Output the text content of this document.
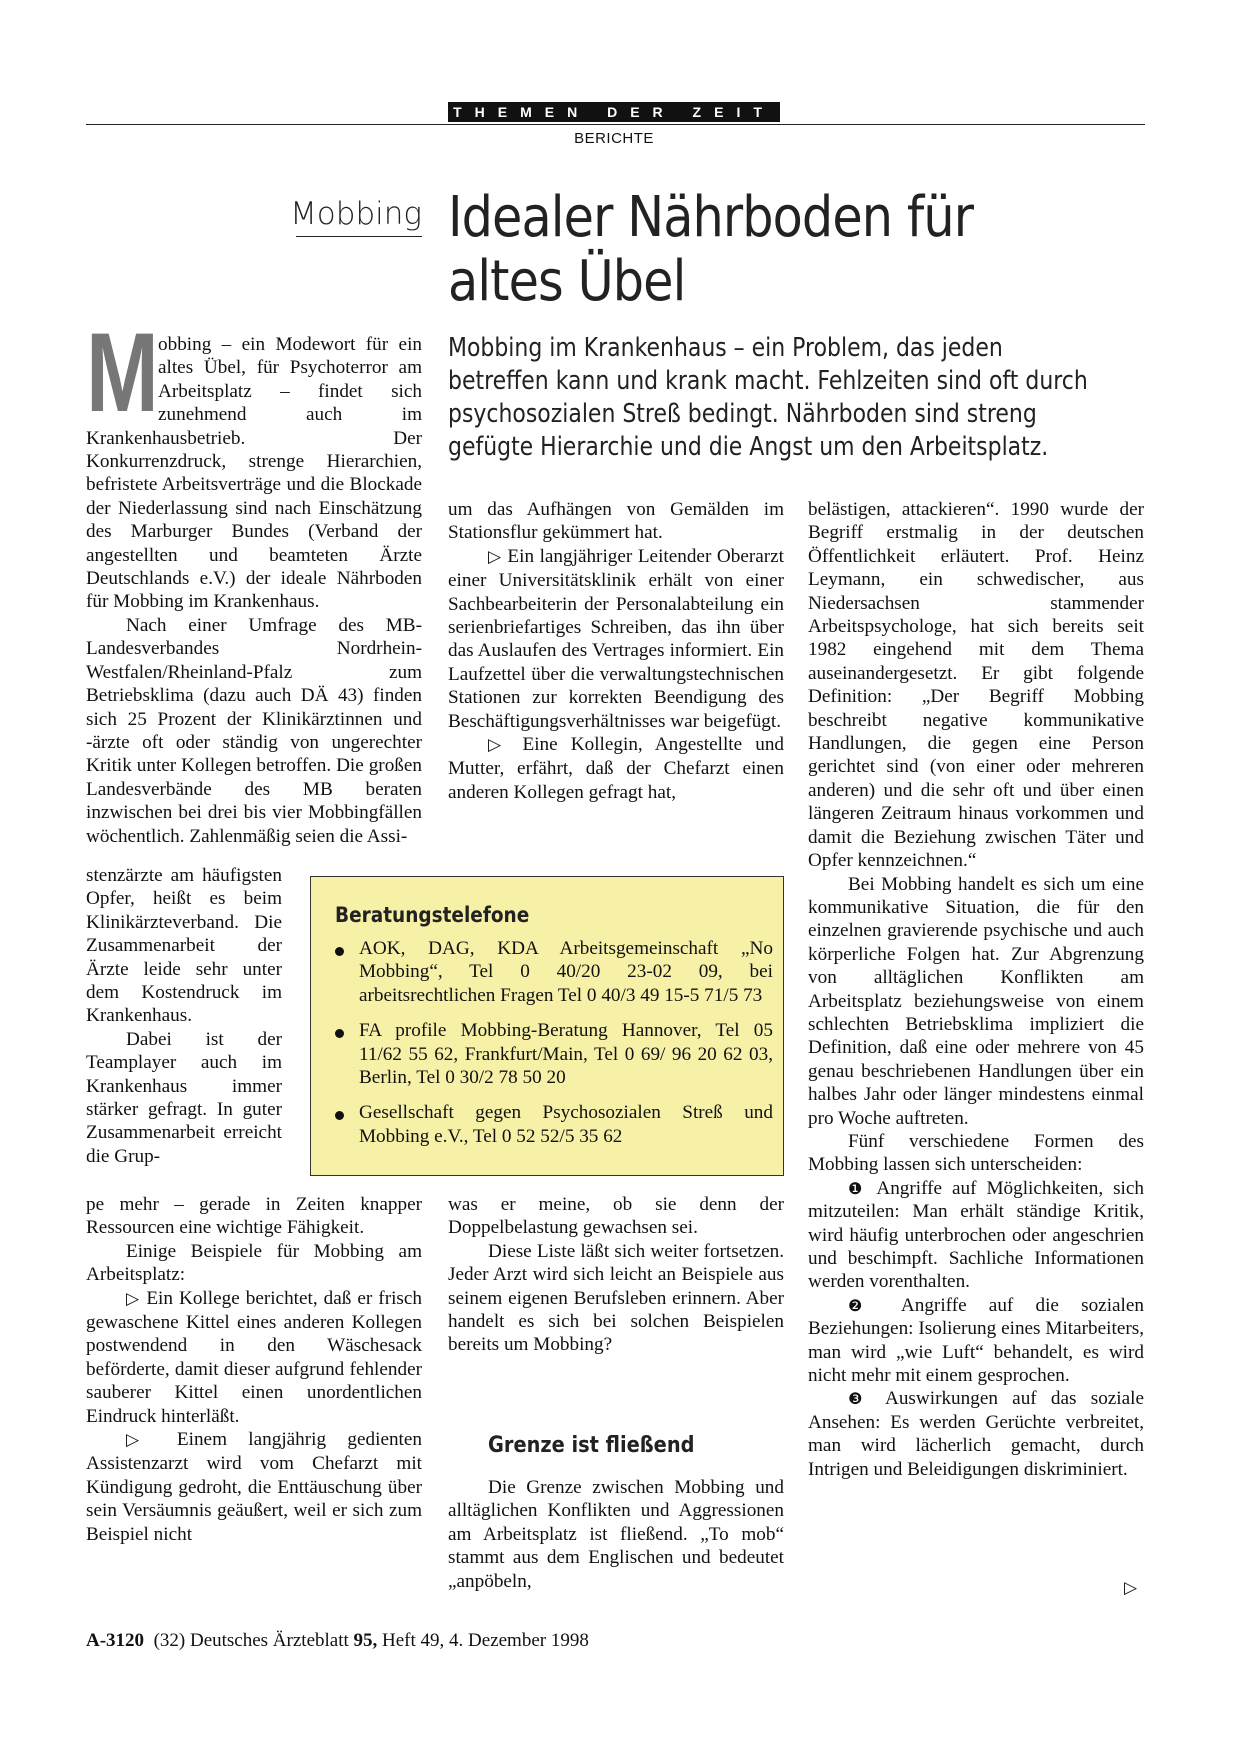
THEMEN DER ZEIT
BERICHTE
Mobbing Idealer Nährboden für
altes Übel
Mobbing im Krankenhaus – ein Problem, das jeden betreffen kann und krank macht. Fehlzeiten sind oft durch psychosozialen Streß bedingt. Nährboden sind streng gefügte Hierarchie und die Angst um den Arbeitsplatz.

Mobbing – ein Modewort für ein altes Übel, für Psychoterror am Arbeitsplatz – findet sich zunehmend auch im Krankenhausbetrieb. Der Konkurrenzdruck, strenge Hierarchien, befristete Arbeitsverträge und die Blockade der Niederlassung sind nach Einschätzung des Marburger Bundes (Verband der angestellten und beamteten Ärzte Deutschlands e.V.) der ideale Nährboden für Mobbing im Krankenhaus.

Nach einer Umfrage des MB-Landesverbandes Nordrhein-Westfalen/Rheinland-Pfalz zum Betriebsklima (dazu auch DÄ 43) finden sich 25 Prozent der Klinikärztinnen und -ärzte oft oder ständig von ungerechter Kritik unter Kollegen betroffen. Die großen Landesverbände des MB beraten inzwischen bei drei bis vier Mobbingfällen wöchentlich. Zahlenmäßig seien die Assi-

stenzärzte am häufigsten Opfer, heißt es beim Klinikärzteverband. Die Zusammenarbeit der Ärzte leide sehr unter dem Kostendruck im Krankenhaus.

Dabei ist der Teamplayer auch im Krankenhaus immer stärker gefragt. In guter Zusammenarbeit erreicht die Grup-

pe mehr – gerade in Zeiten knapper Ressourcen eine wichtige Fähigkeit.

Einige Beispiele für Mobbing am Arbeitsplatz:

▷ Ein Kollege berichtet, daß er frisch gewaschene Kittel eines anderen Kollegen postwendend in den Wäschesack beförderte, damit dieser aufgrund fehlender sauberer Kittel einen unordentlichen Eindruck hinterläßt.

▷ Einem langjährig gedienten Assistenzarzt wird vom Chefarzt mit Kündigung gedroht, die Enttäuschung über sein Versäumnis geäußert, weil er sich zum Beispiel nicht

um das Aufhängen von Gemälden im Stationsflur gekümmert hat.

▷ Ein langjähriger Leitender Oberarzt einer Universitätsklinik erhält von einer Sachbearbeiterin der Personalabteilung ein serienbriefartiges Schreiben, das ihn über das Auslaufen des Vertrages informiert. Ein Laufzettel über die verwaltungstechnischen Stationen zur korrekten Beendigung des Beschäftigungsverhältnisses war beigefügt.

▷ Eine Kollegin, Angestellte und Mutter, erfährt, daß der Chefarzt einen anderen Kollegen gefragt hat,

was er meine, ob sie denn der Doppelbelastung gewachsen sei.

Diese Liste läßt sich weiter fortsetzen. Jeder Arzt wird sich leicht an Beispiele aus seinem eigenen Berufsleben erinnern. Aber handelt es sich bei solchen Beispielen bereits um Mobbing?

Grenze ist fließend

Die Grenze zwischen Mobbing und alltäglichen Konflikten und Aggressionen am Arbeitsplatz ist fließend. „To mob“ stammt aus dem Englischen und bedeutet „anpöbeln,

belästigen, attackieren“. 1990 wurde der Begriff erstmalig in der deutschen Öffentlichkeit erläutert. Prof. Heinz Leymann, ein schwedischer, aus Niedersachsen stammender Arbeitspsychologe, hat sich bereits seit 1982 eingehend mit dem Thema auseinandergesetzt. Er gibt folgende Definition: „Der Begriff Mobbing beschreibt negative kommunikative Handlungen, die gegen eine Person gerichtet sind (von einer oder mehreren anderen) und die sehr oft und über einen längeren Zeitraum hinaus vorkommen und damit die Beziehung zwischen Täter und Opfer kennzeichnen.“

Bei Mobbing handelt es sich um eine kommunikative Situation, die für den einzelnen gravierende psychische und auch körperliche Folgen hat. Zur Abgrenzung von alltäglichen Konflikten am Arbeitsplatz beziehungsweise von einem schlechten Betriebsklima impliziert die Definition, daß eine oder mehrere von 45 genau beschriebenen Handlungen über ein halbes Jahr oder länger mindestens einmal pro Woche auftreten.

Fünf verschiedene Formen des Mobbing lassen sich unterscheiden:

❶ Angriffe auf Möglichkeiten, sich mitzuteilen: Man erhält ständige Kritik, wird häufig unterbrochen oder angeschrien und beschimpft. Sachliche Informationen werden vorenthalten.

❷ Angriffe auf die sozialen Beziehungen: Isolierung eines Mitarbeiters, man wird „wie Luft“ behandelt, es wird nicht mehr mit einem gesprochen.

❸ Auswirkungen auf das soziale Ansehen: Es werden Gerüchte verbreitet, man wird lächerlich gemacht, durch Intrigen und Beleidigungen diskriminiert.

▷
Beratungstelefone
AOK, DAG, KDA Arbeitsgemeinschaft „No Mobbing“, Tel 0 40/20 23-02 09, bei arbeitsrechtlichen Fragen Tel 0 40/3 49 15-5 71/5 73
FA profile Mobbing-Beratung Hannover, Tel 05 11/62 55 62, Frankfurt/Main, Tel 0 69/ 96 20 62 03, Berlin, Tel 0 30/2 78 50 20
Gesellschaft gegen Psychosozialen Streß und Mobbing e.V., Tel 0 52 52/5 35 62
A-3120 (32) Deutsches Ärzteblatt 95, Heft 49, 4. Dezember 1998
